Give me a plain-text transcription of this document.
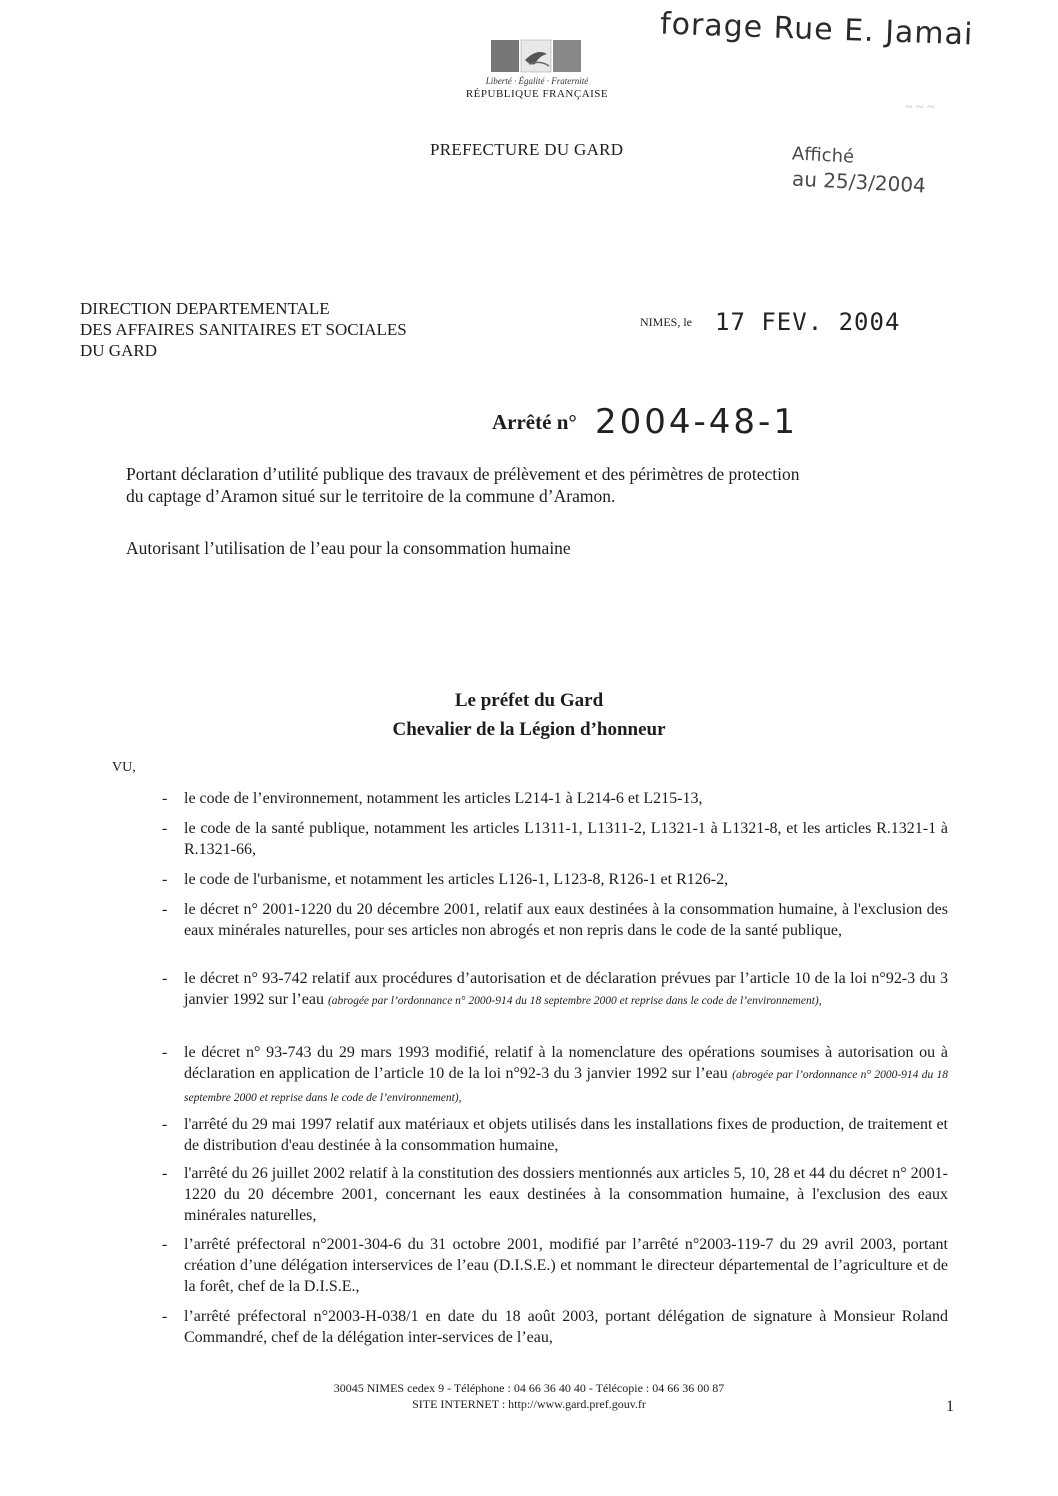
Liberté · Égalité · Fraternité
RÉPUBLIQUE FRANÇAISE
PREFECTURE DU GARD
forage Rue E. Jamai
~ ~ ~
Affiché
au 25/3/2004
DIRECTION DEPARTEMENTALE
DES AFFAIRES SANITAIRES ET SOCIALES
DU GARD
NIMES, le 17 FEV. 2004
Arrêté n° 2004-48-1
Portant déclaration d’utilité publique des travaux de prélèvement et des périmètres de protection
du captage d’Aramon situé sur le territoire de la commune d’Aramon.
Autorisant l’utilisation de l’eau pour la consommation humaine
Le préfet du Gard
Chevalier de la Légion d’honneur
VU,
-	le code de l’environnement, notamment les articles L214-1 à L214-6 et L215-13,
-	le code de la santé publique, notamment les articles L1311-1, L1311-2, L1321-1 à L1321-8, et les articles R.1321-1 à R.1321-66,
-	le code de l'urbanisme, et notamment les articles L126-1, L123-8, R126-1 et R126-2,
-	le décret n° 2001-1220 du 20 décembre 2001, relatif aux eaux destinées à la consommation humaine, à l'exclusion des eaux minérales naturelles, pour ses articles non abrogés et non repris dans le code de la santé publique,
-	le décret n° 93-742 relatif aux procédures d’autorisation et de déclaration prévues par l’article 10 de la loi n°92-3 du 3 janvier 1992 sur l’eau (abrogée par l’ordonnance n° 2000-914 du 18 septembre 2000 et reprise dans le code de l’environnement),
-	le décret n° 93-743 du 29 mars 1993 modifié, relatif à la nomenclature des opérations soumises à autorisation ou à déclaration en application de l’article 10 de la loi n°92-3 du 3 janvier 1992 sur l’eau (abrogée par l’ordonnance n° 2000-914 du 18 septembre 2000 et reprise dans le code de l’environnement),
-	l'arrêté du 29 mai 1997 relatif aux matériaux et objets utilisés dans les installations fixes de production, de traitement et de distribution d'eau destinée à la consommation humaine,
-	l'arrêté du 26 juillet 2002 relatif à la constitution des dossiers mentionnés aux articles 5, 10, 28 et 44 du décret n° 2001-1220 du 20 décembre 2001, concernant les eaux destinées à la consommation humaine, à l'exclusion des eaux minérales naturelles,
-	l’arrêté préfectoral n°2001-304-6 du 31 octobre 2001, modifié par l’arrêté n°2003-119-7 du 29 avril 2003, portant création d’une délégation interservices de l’eau (D.I.S.E.) et nommant le directeur départemental de l’agriculture et de la forêt, chef de la D.I.S.E.,
-	l’arrêté préfectoral n°2003-H-038/1 en date du 18 août 2003, portant délégation de signature à Monsieur Roland Commandré, chef de la délégation inter-services de l’eau,
30045 NIMES cedex 9 - Téléphone : 04 66 36 40 40 - Télécopie : 04 66 36 00 87
SITE INTERNET : http://www.gard.pref.gouv.fr	1
